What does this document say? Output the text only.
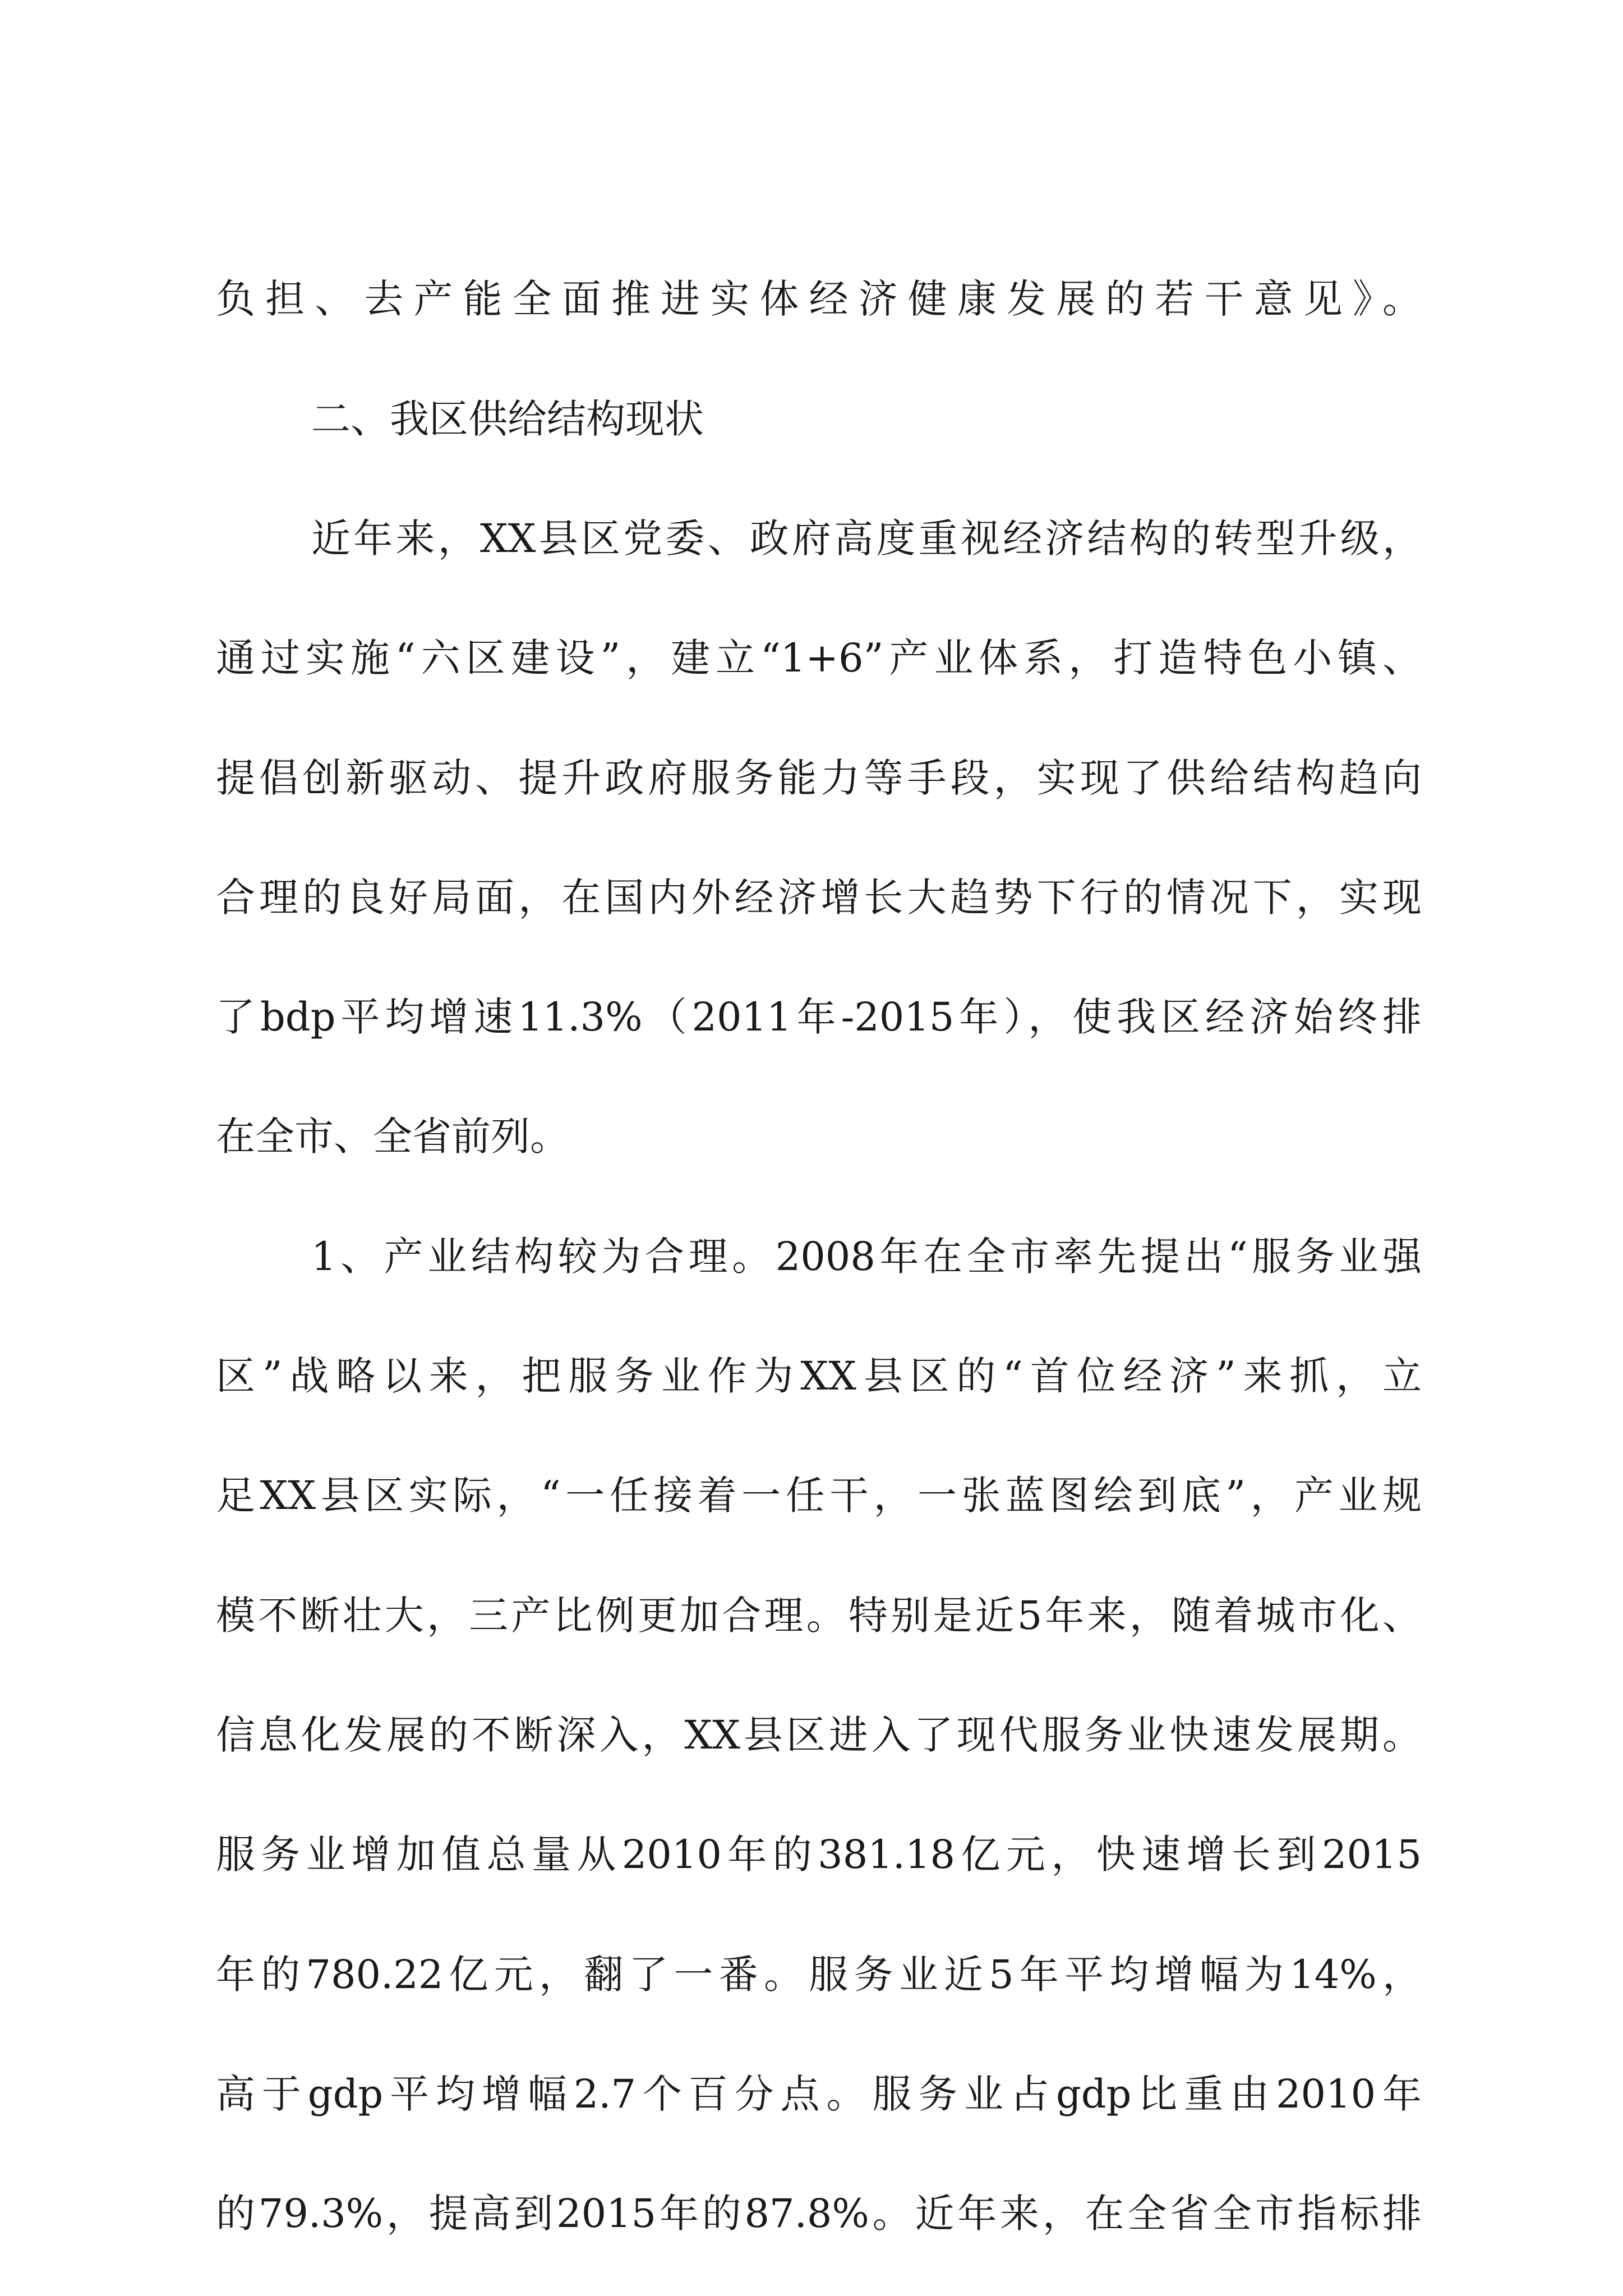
负担、去产能全面推进实体经济健康发展的若干意见》。
二、我区供给结构现状
近年来，XX县区党委、政府高度重视经济结构的转型升级，
通过实施“六区建设”，建立“1+6”产业体系，打造特色小镇、
提倡创新驱动、提升政府服务能力等手段，实现了供给结构趋向
合理的良好局面，在国内外经济增长大趋势下行的情况下，实现
了bdp平均增速11.3%（2011年-2015年），使我区经济始终排
在全市、全省前列。
1、产业结构较为合理。2008年在全市率先提出“服务业强
区”战略以来，把服务业作为XX县区的“首位经济”来抓，立
足XX县区实际，“一任接着一任干，一张蓝图绘到底”，产业规
模不断壮大，三产比例更加合理。特别是近5年来，随着城市化、
信息化发展的不断深入，XX县区进入了现代服务业快速发展期。
服务业增加值总量从2010年的381.18亿元，快速增长到2015
年的780.22亿元，翻了一番。服务业近5年平均增幅为14%，
高于gdp平均增幅2.7个百分点。服务业占gdp比重由2010年
的79.3%，提高到2015年的87.8%。近年来，在全省全市指标排
